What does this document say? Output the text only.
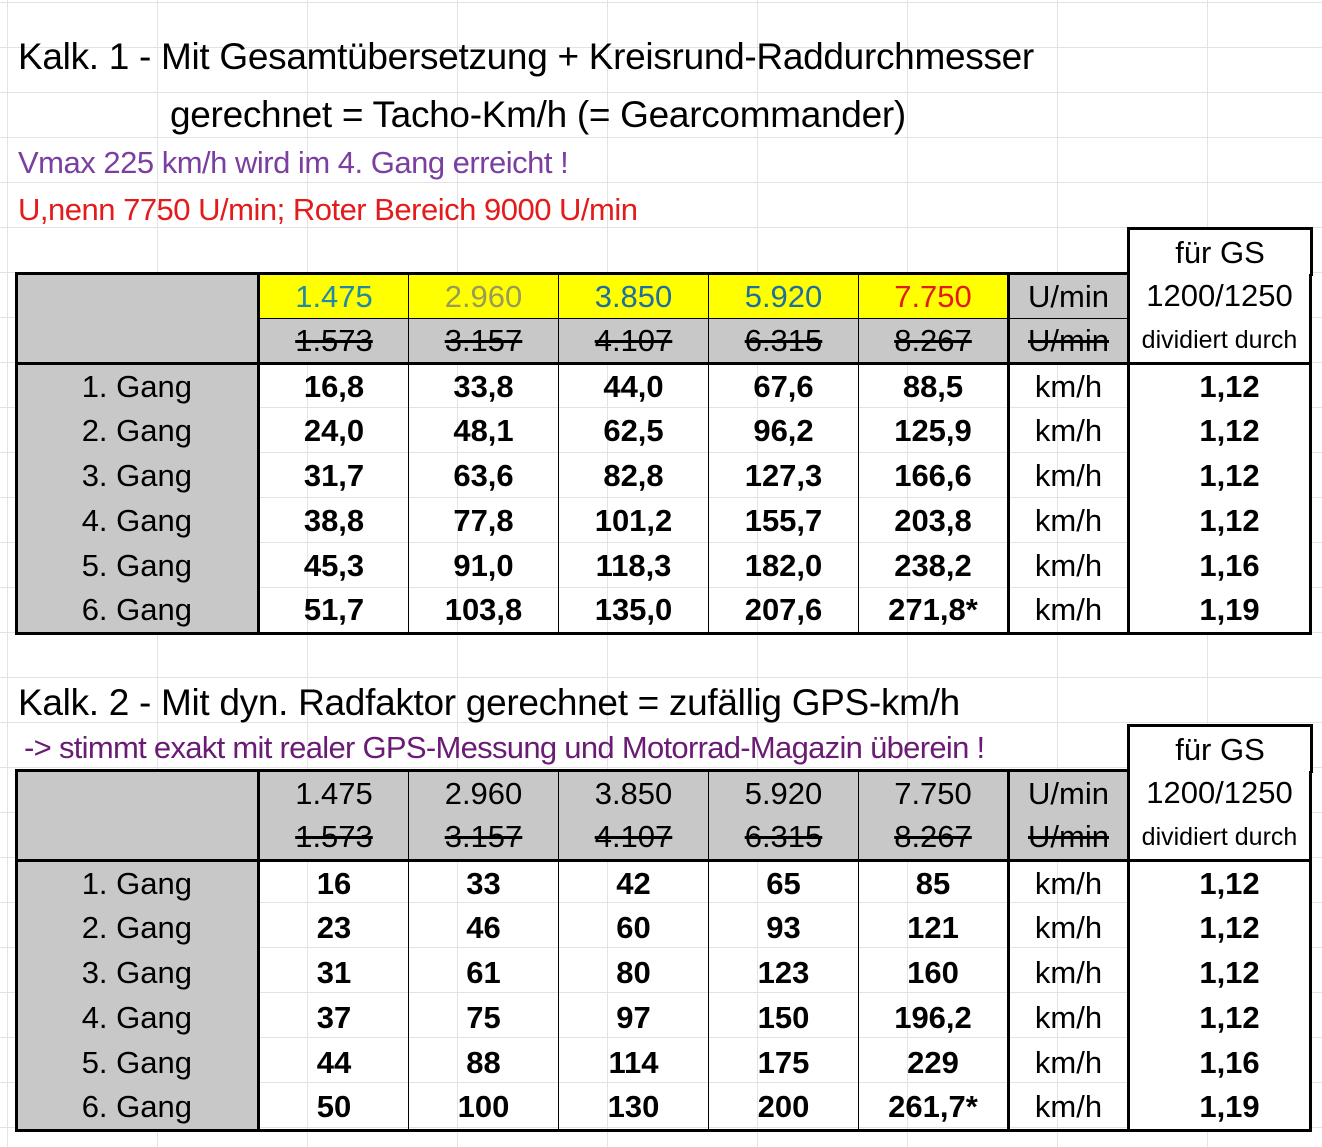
Kalk. 1 - Mit Gesamtübersetzung + Kreisrund-Raddurchmesser
gerechnet = Tacho-Km/h (= Gearcommander)
Vmax 225 km/h wird im 4. Gang erreicht !
U,nenn 7750 U/min; Roter Bereich 9000 U/min
für GS
	1.475	2.960	3.850	5.920	7.750	U/min	1200/1250
	1.573	3.157	4.107	6.315	8.267	U/min	dividiert durch
1. Gang	16,8	33,8	44,0	67,6	88,5	km/h	1,12
2. Gang	24,0	48,1	62,5	96,2	125,9	km/h	1,12
3. Gang	31,7	63,6	82,8	127,3	166,6	km/h	1,12
4. Gang	38,8	77,8	101,2	155,7	203,8	km/h	1,12
5. Gang	45,3	91,0	118,3	182,0	238,2	km/h	1,16
6. Gang	51,7	103,8	135,0	207,6	271,8*	km/h	1,19
Kalk. 2 - Mit dyn. Radfaktor gerechnet = zufällig GPS-km/h
-> stimmt exakt mit realer GPS-Messung und Motorrad-Magazin überein !	für GS
	1.475	2.960	3.850	5.920	7.750	U/min	1200/1250
	1.573	3.157	4.107	6.315	8.267	U/min	dividiert durch
1. Gang	16	33	42	65	85	km/h	1,12
2. Gang	23	46	60	93	121	km/h	1,12
3. Gang	31	61	80	123	160	km/h	1,12
4. Gang	37	75	97	150	196,2	km/h	1,12
5. Gang	44	88	114	175	229	km/h	1,16
6. Gang	50	100	130	200	261,7*	km/h	1,19
